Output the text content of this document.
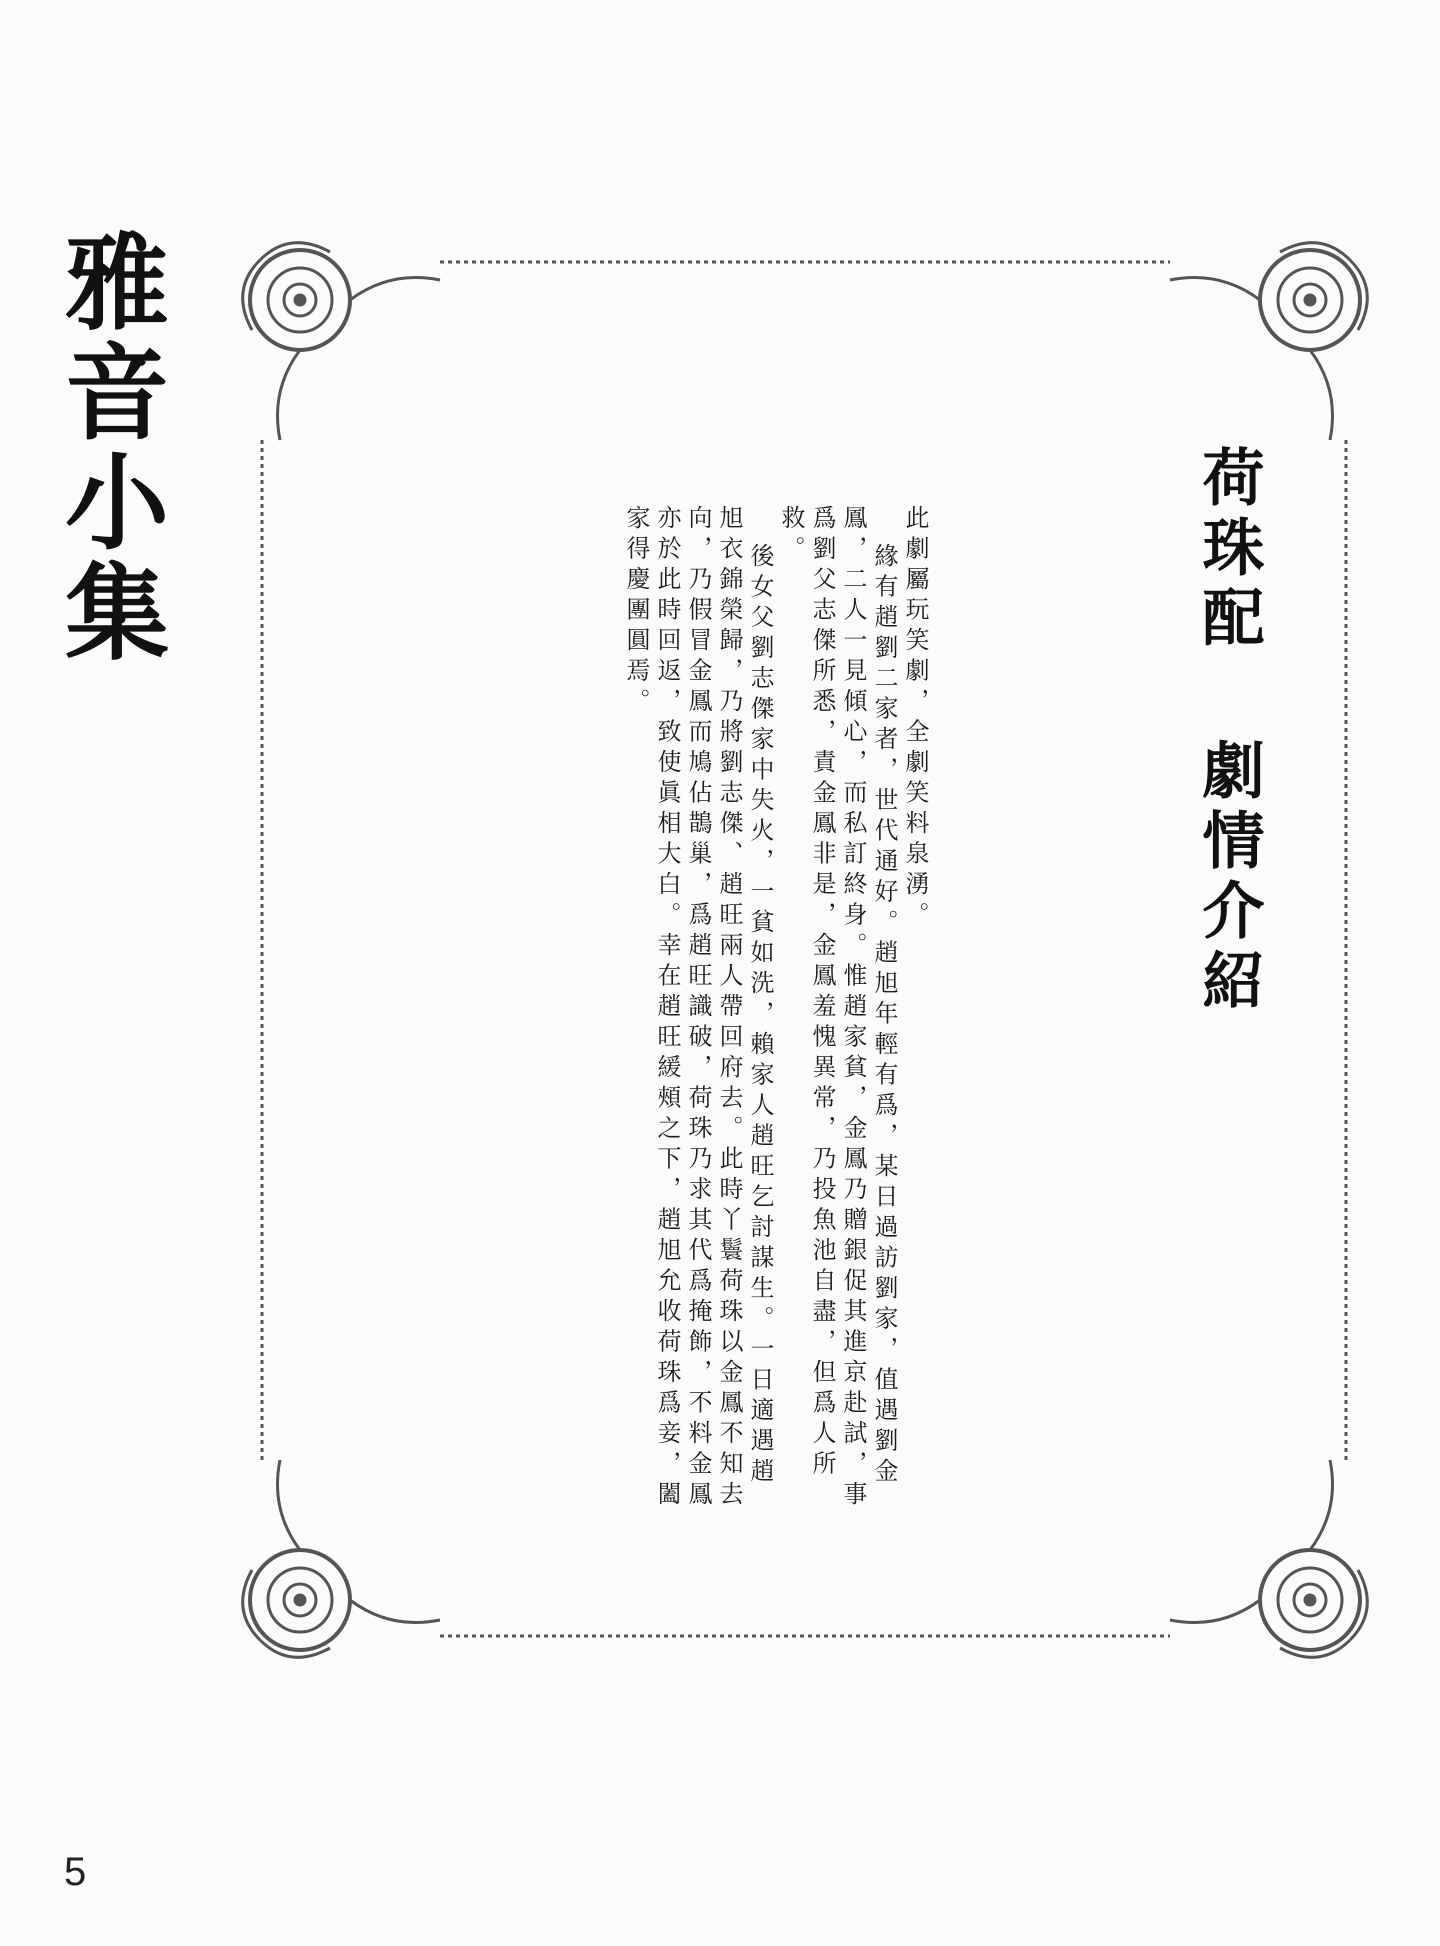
雅音小集	荷珠配
劇情介紹

此劇屬玩笑劇，全劇笑料泉湧。

緣有趙劉二家者，世代通好。趙旭年輕有爲，某日過訪劉家，值遇劉金鳳，二人一見傾心，而私訂終身。惟趙家貧，金鳳乃贈銀促其進京赴試，事爲劉父志傑所悉，責金鳳非是，金鳳羞愧異常，乃投魚池自盡，但爲人所救。

後女父劉志傑家中失火，一貧如洗，賴家人趙旺乞討謀生。一日適遇趙旭衣錦榮歸，乃將劉志傑、趙旺兩人帶回府去。此時丫鬟荷珠以金鳳不知去向，乃假冒金鳳而鳩佔鵲巢，爲趙旺識破，荷珠乃求其代爲掩飾，不料金鳳亦於此時回返，致使眞相大白。幸在趙旺緩頰之下，趙旭允收荷珠爲妾，闔家得慶團圓焉。

5
